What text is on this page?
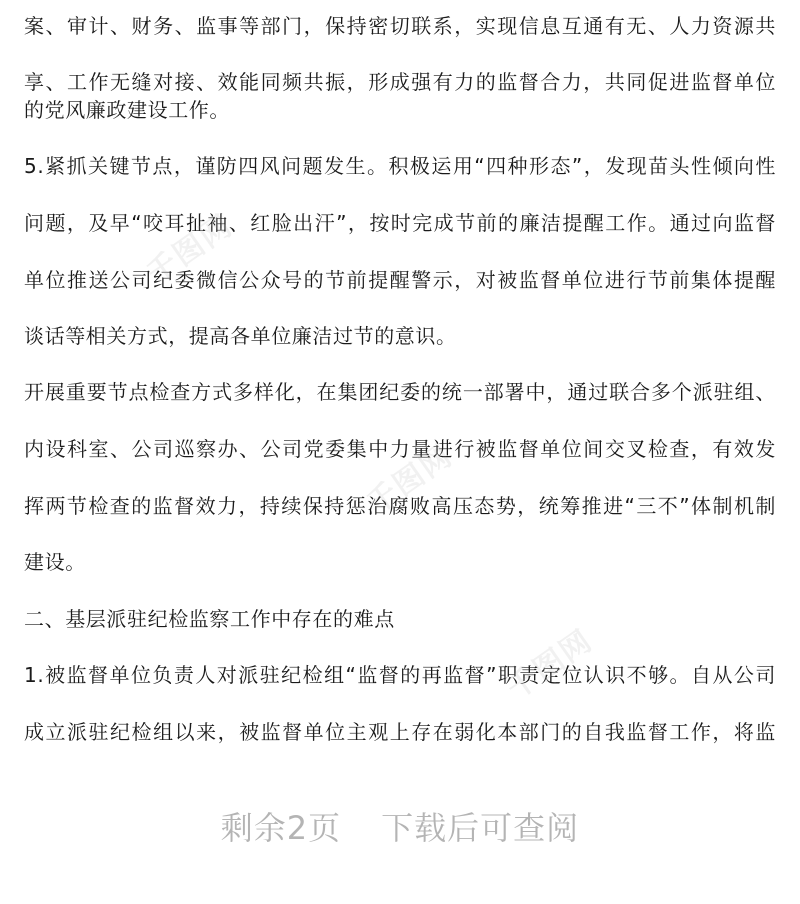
案、审计、财务、监事等部门，保持密切联系，实现信息互通有无、人力资源共
享、工作无缝对接、效能同频共振，形成强有力的监督合力，共同促进监督单位
的党风廉政建设工作。
5.紧抓关键节点，谨防四风问题发生。积极运用“四种形态”，发现苗头性倾向性
问题，及早“咬耳扯袖、红脸出汗”，按时完成节前的廉洁提醒工作。通过向监督
单位推送公司纪委微信公众号的节前提醒警示，对被监督单位进行节前集体提醒
谈话等相关方式，提高各单位廉洁过节的意识。
开展重要节点检查方式多样化，在集团纪委的统一部署中，通过联合多个派驻组、
内设科室、公司巡察办、公司党委集中力量进行被监督单位间交叉检查，有效发
挥两节检查的监督效力，持续保持惩治腐败高压态势，统筹推进“三不”体制机制
建设。
二、基层派驻纪检监察工作中存在的难点
1.被监督单位负责人对派驻纪检组“监督的再监督”职责定位认识不够。自从公司
成立派驻纪检组以来，被监督单位主观上存在弱化本部门的自我监督工作，将监
千图网
千图网
千图网
剩余2页 下载后可查阅
